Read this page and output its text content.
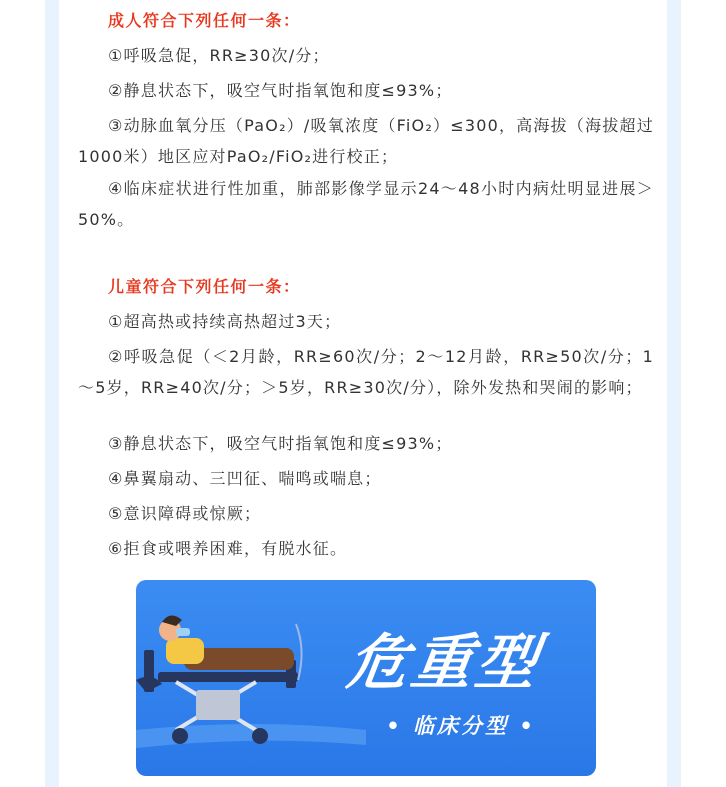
成人符合下列任何一条：
①呼吸急促，RR≥30次/分；
②静息状态下，吸空气时指氧饱和度≤93%；
③动脉血氧分压（PaO₂）/吸氧浓度（FiO₂）≤300，高海拔（海拔超过1000米）地区应对PaO₂/FiO₂进行校正；
④临床症状进行性加重，肺部影像学显示24～48小时内病灶明显进展＞50%。
儿童符合下列任何一条：
①超高热或持续高热超过3天；
②呼吸急促（＜2月龄，RR≥60次/分；2～12月龄，RR≥50次/分；1～5岁，RR≥40次/分；＞5岁，RR≥30次/分），除外发热和哭闹的影响；
③静息状态下，吸空气时指氧饱和度≤93%；
④鼻翼扇动、三凹征、喘鸣或喘息；
⑤意识障碍或惊厥；
⑥拒食或喂养困难，有脱水征。
危重型
• 临床分型 •
